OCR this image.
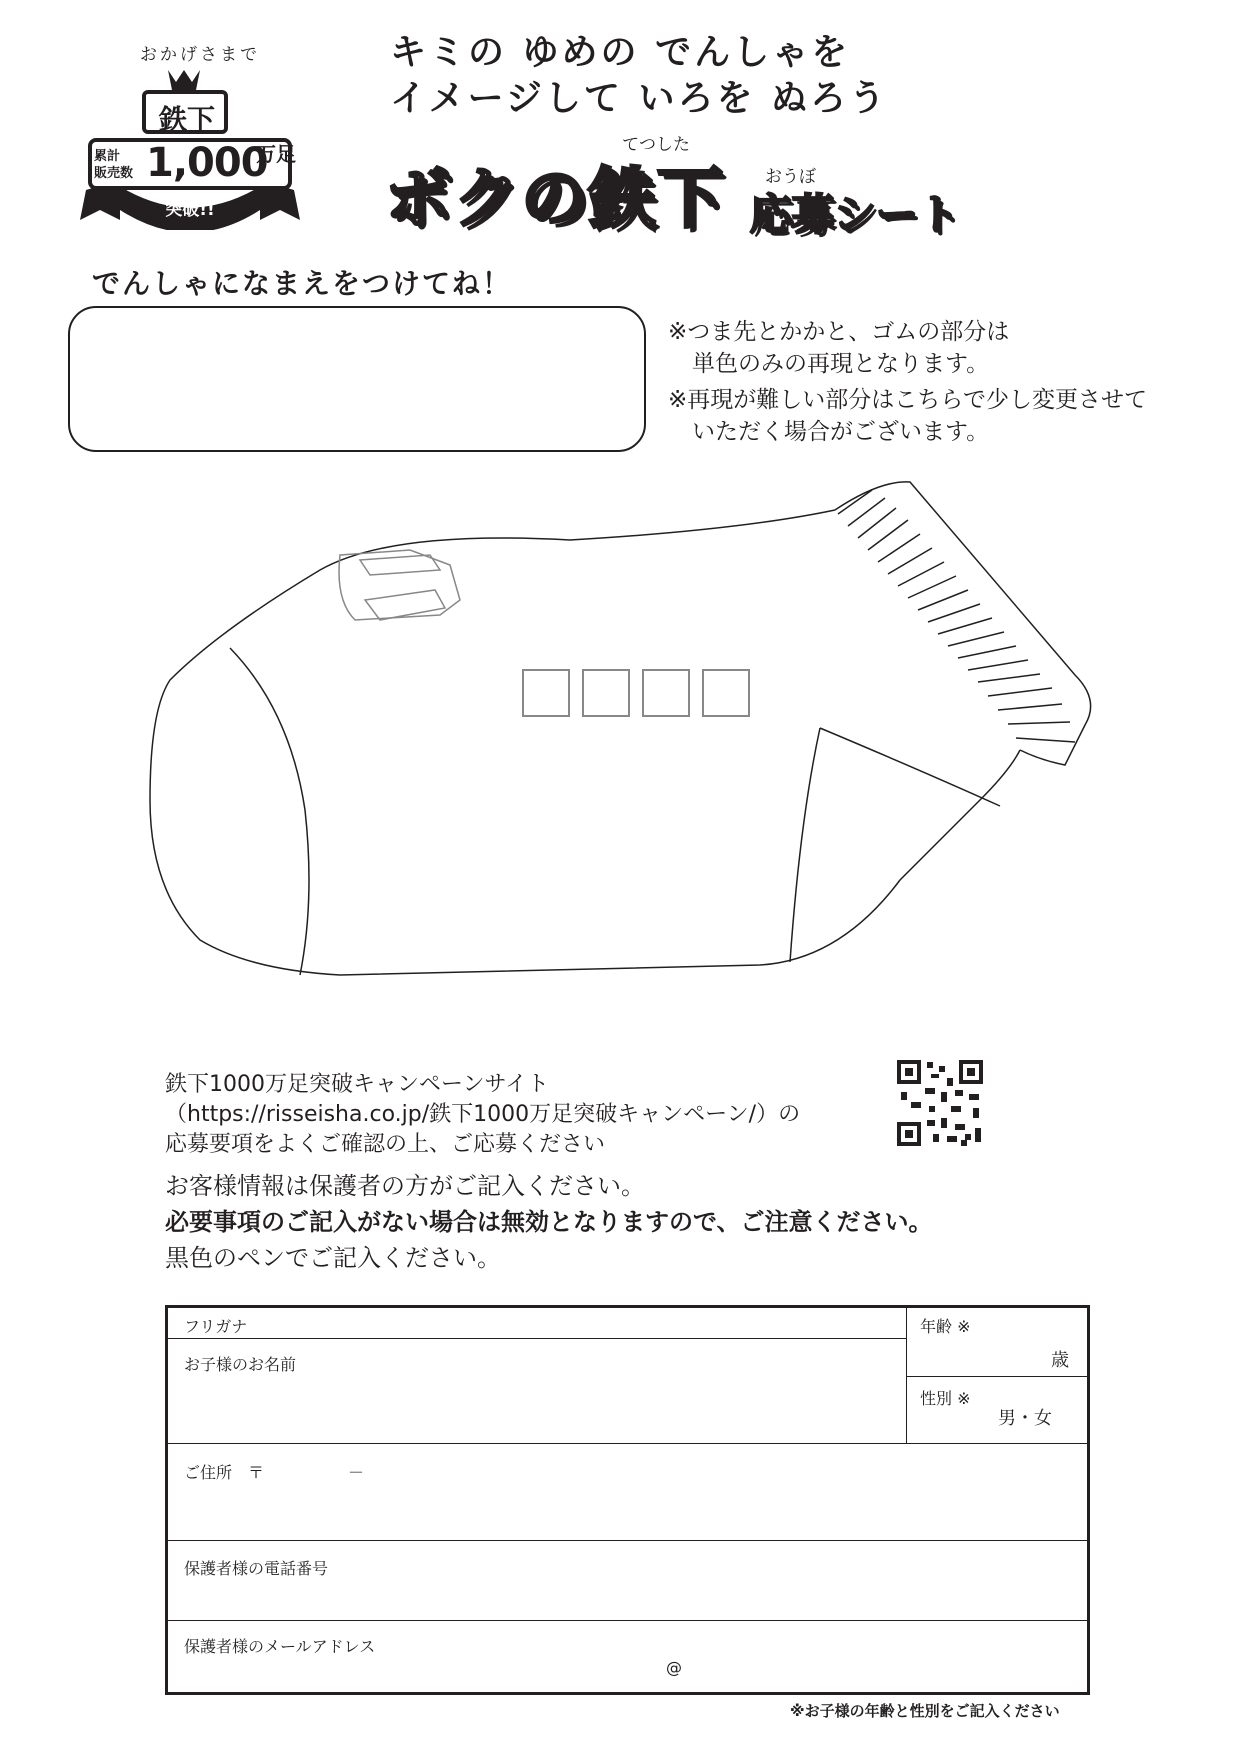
おかげさまで
鉄下
累計
販売数 1,000
万足
突破!!
キミの ゆめの でんしゃを
イメージして いろを ぬろう
てつした
ボクの鉄下 おうぼ
応募シート
でんしゃになまえをつけてね！
※つま先とかかと、ゴムの部分は
単色のみの再現となります。
※再現が難しい部分はこちらで少し変更させて
いただく場合がございます。
鉄下1000万足突破キャンペーンサイト
（https://risseisha.co.jp/鉄下1000万足突破キャンペーン/）の
応募要項をよくご確認の上、ご応募ください
お客様情報は保護者の方がご記入ください。
必要事項のご記入がない場合は無効となりますので、ご注意ください。
黒色のペンでご記入ください。
フリガナ
お子様のお名前
年齢 ※
歳
性別 ※
男・女
ご住所　〒	－
保護者様の電話番号
保護者様のメールアドレス
@
※お子様の年齢と性別をご記入ください
